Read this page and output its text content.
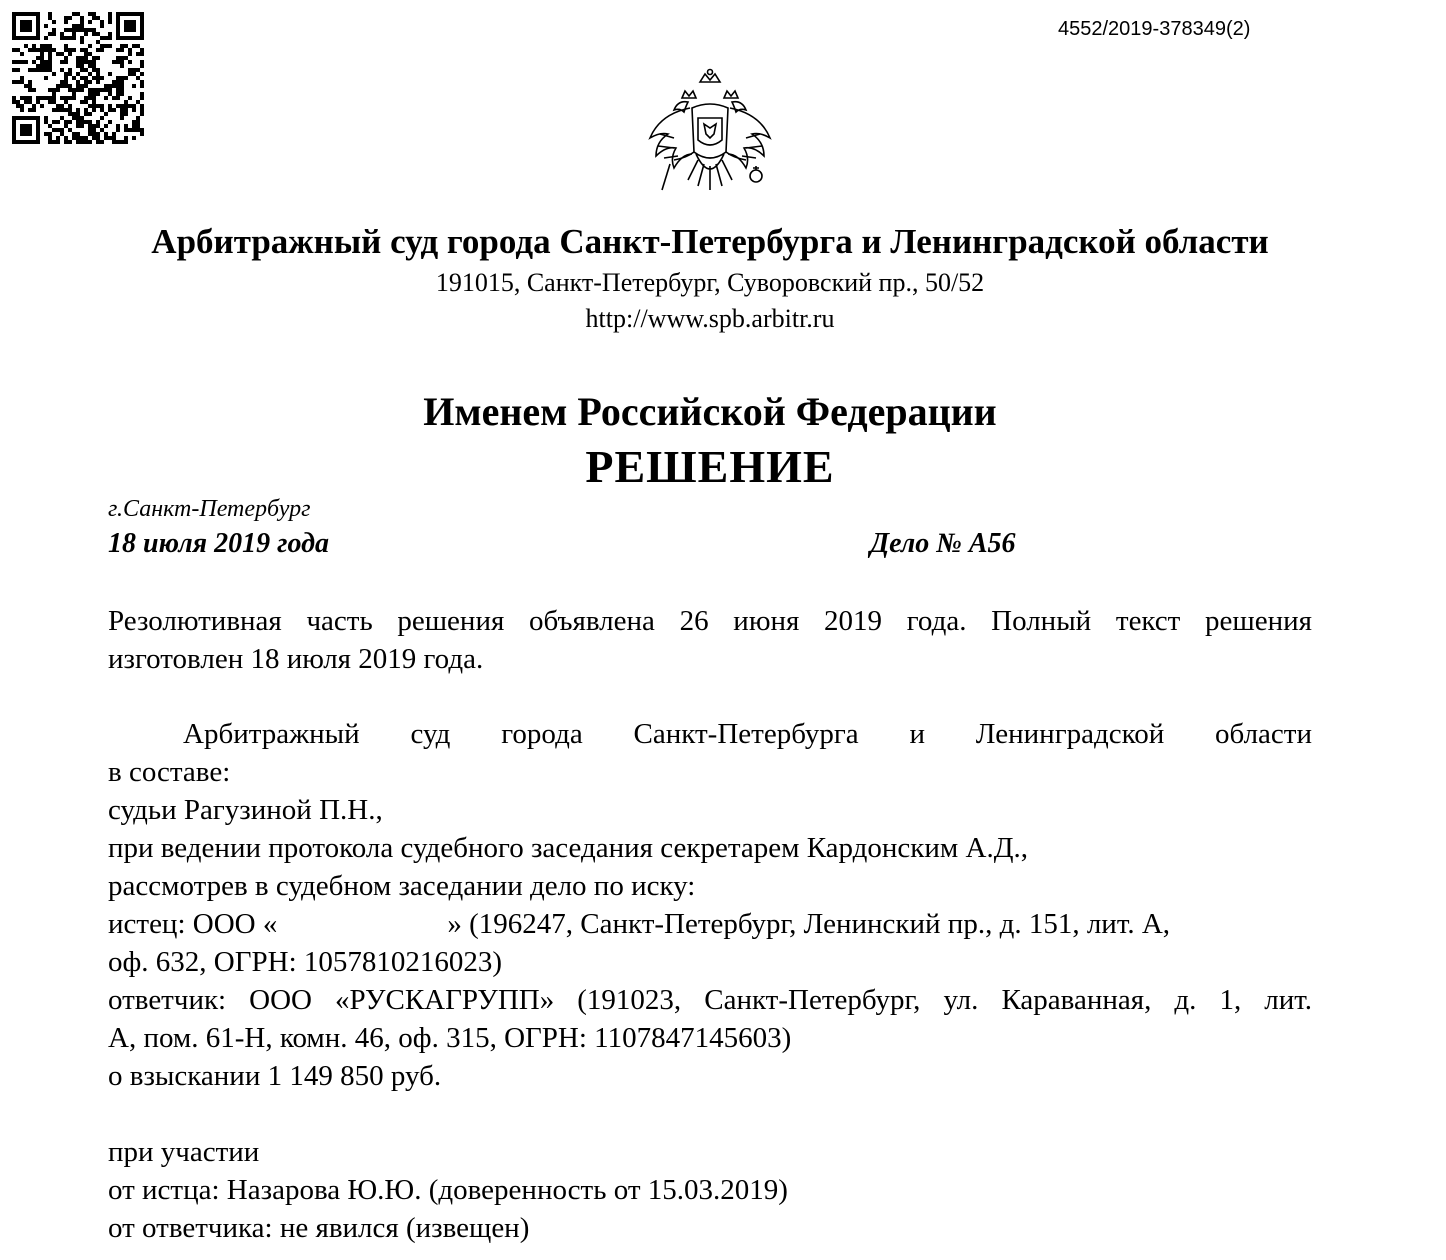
4552/2019-378349(2)
Арбитражный суд города Санкт-Петербурга и Ленинградской области
191015, Санкт-Петербург, Суворовский пр., 50/52
http://www.spb.arbitr.ru
Именем Российской Федерации
РЕШЕНИЕ
г.Санкт-Петербург
18 июля 2019 года	Дело № А56
Резолютивная часть решения объявлена 26 июня 2019 года. Полный текст решения
изготовлен 18 июля 2019 года.
Арбитражный суд города Санкт-Петербурга и Ленинградской области
в составе:
судьи Рагузиной П.Н.,
при ведении протокола судебного заседания секретарем Кардонским А.Д.,
рассмотрев в судебном заседании дело по иску:
истец: ООО «	» (196247, Санкт-Петербург, Ленинский пр., д. 151, лит. А,
оф. 632, ОГРН: 1057810216023)
ответчик: ООО «РУСКАГРУПП» (191023, Санкт-Петербург, ул. Караванная, д. 1, лит.
А, пом. 61-Н, комн. 46, оф. 315, ОГРН: 1107847145603)
о взыскании 1 149 850 руб.
при участии
от истца: Назарова Ю.Ю. (доверенность от 15.03.2019)
от ответчика: не явился (извещен)
